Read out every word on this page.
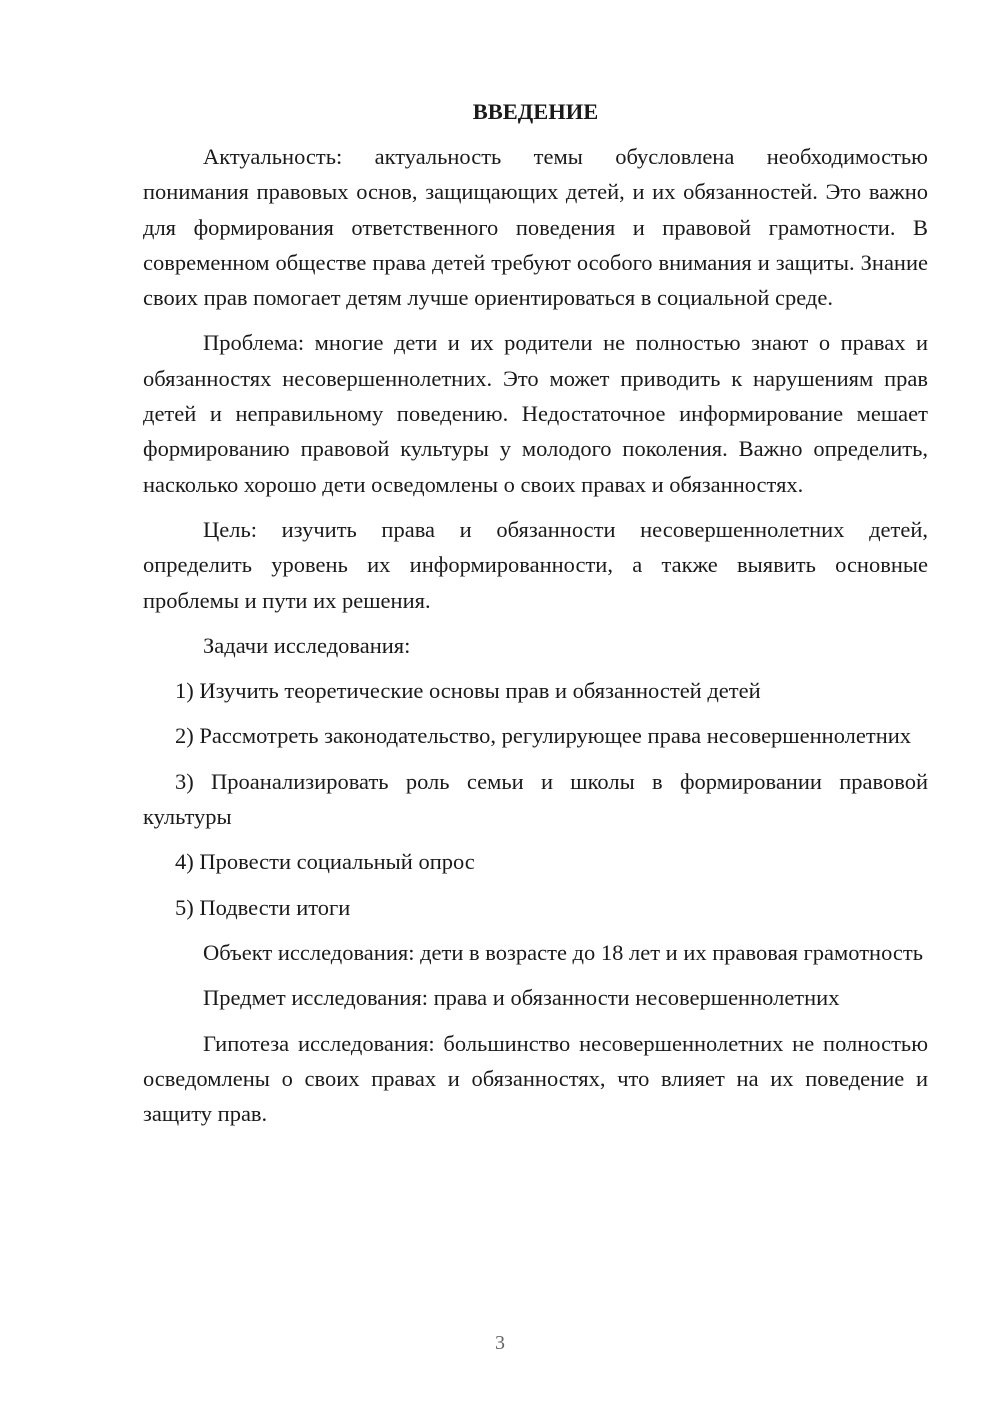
ВВЕДЕНИЕ

Актуальность: актуальность темы обусловлена необходимостью понимания правовых основ, защищающих детей, и их обязанностей. Это важно для формирования ответственного поведения и правовой грамотности. В современном обществе права детей требуют особого внимания и защиты. Знание своих прав помогает детям лучше ориентироваться в социальной среде.

Проблема: многие дети и их родители не полностью знают о правах и обязанностях несовершеннолетних. Это может приводить к нарушениям прав детей и неправильному поведению. Недостаточное информирование мешает формированию правовой культуры у молодого поколения. Важно определить, насколько хорошо дети осведомлены о своих правах и обязанностях.

Цель: изучить права и обязанности несовершеннолетних детей, определить уровень их информированности, а также выявить основные проблемы и пути их решения.

Задачи исследования:

1) Изучить теоретические основы прав и обязанностей детей

2) Рассмотреть законодательство, регулирующее права несовершеннолетних

3) Проанализировать роль семьи и школы в формировании правовой культуры

4) Провести социальный опрос

5) Подвести итоги

Объект исследования: дети в возрасте до 18 лет и их правовая грамотность

Предмет исследования: права и обязанности несовершеннолетних

Гипотеза исследования: большинство несовершеннолетних не полностью осведомлены о своих правах и обязанностях, что влияет на их поведение и защиту прав.

3
